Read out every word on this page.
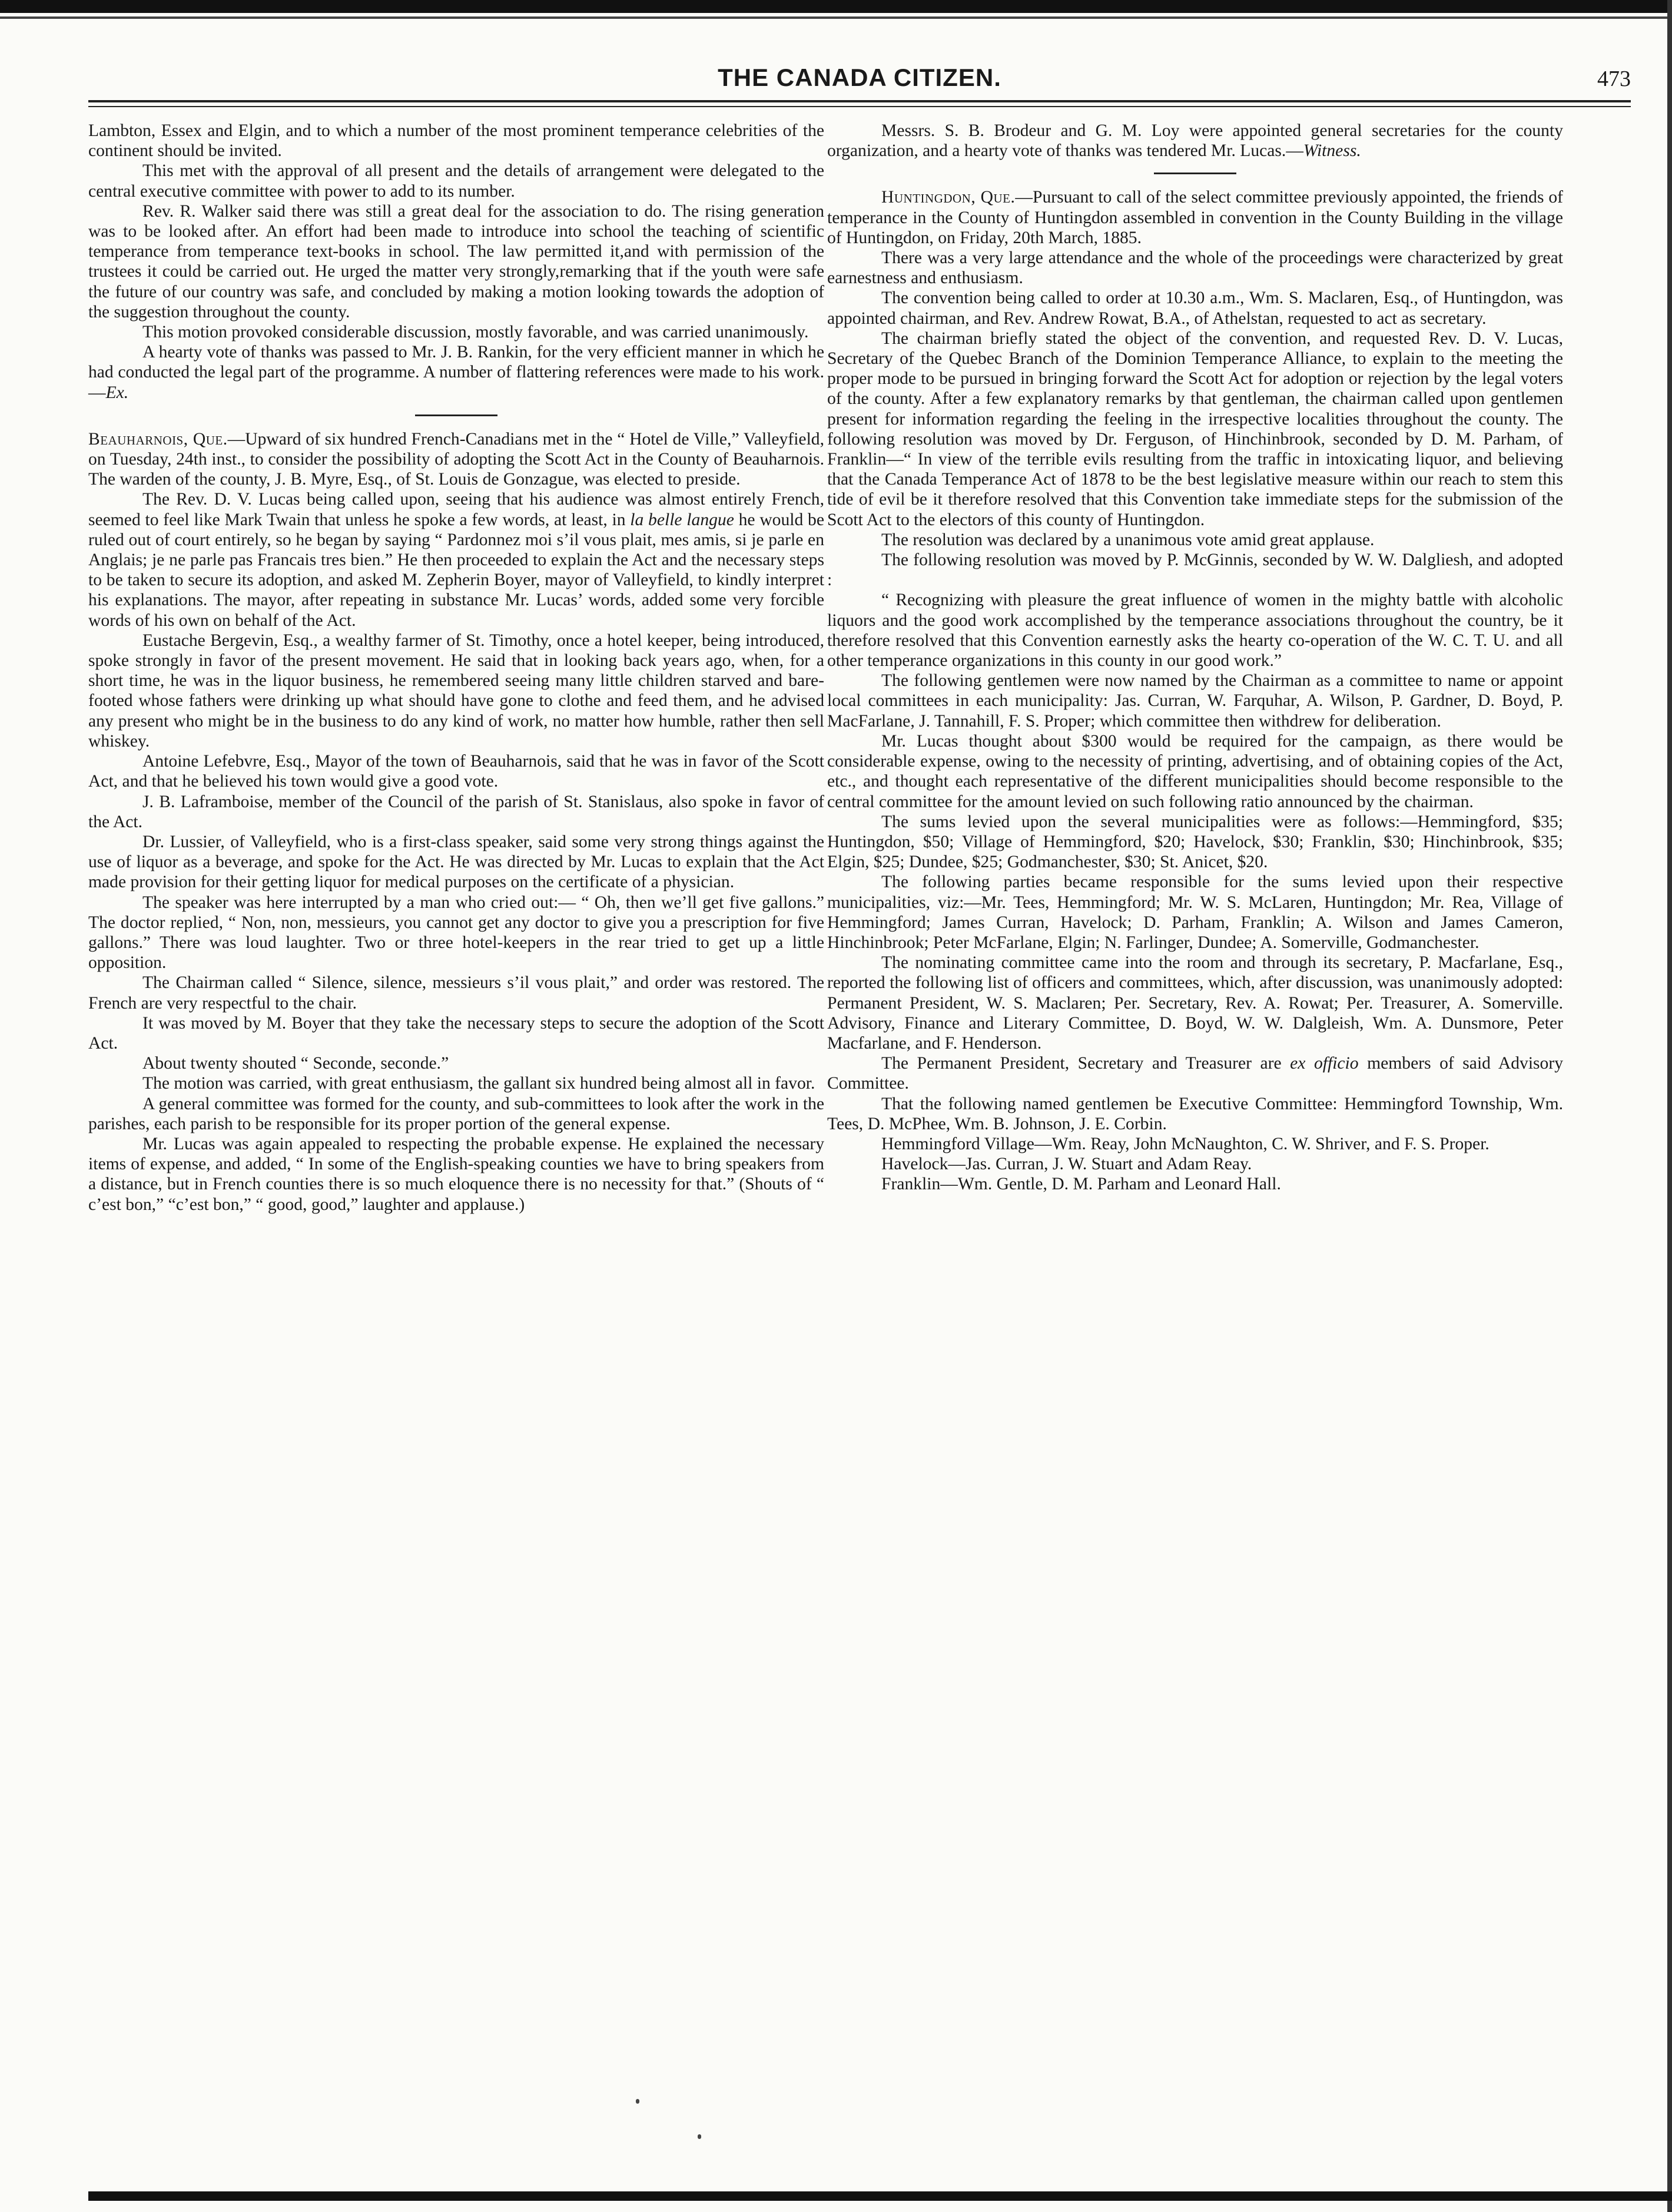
THE CANADA CITIZEN.	473

Lambton, Essex and Elgin, and to which a number of the most prominent temperance celebrities of the continent should be invited.

This met with the approval of all present and the details of arrangement were delegated to the central executive committee with power to add to its number.

Rev. R. Walker said there was still a great deal for the association to do. The rising generation was to be looked after. An effort had been made to introduce into school the teaching of scientific temperance from temperance text-books in school. The law permitted it,and with permission of the trustees it could be carried out. He urged the matter very strongly,remarking that if the youth were safe the future of our country was safe, and concluded by making a motion looking towards the adoption of the suggestion throughout the county.

This motion provoked considerable discussion, mostly favorable, and was carried unanimously.

A hearty vote of thanks was passed to Mr. J. B. Rankin, for the very efficient manner in which he had conducted the legal part of the programme. A number of flattering references were made to his work.—Ex.

Beauharnois, Que.—Upward of six hundred French-Canadians met in the “ Hotel de Ville,” Valleyfield, on Tuesday, 24th inst., to consider the possibility of adopting the Scott Act in the County of Beauharnois. The warden of the county, J. B. Myre, Esq., of St. Louis de Gonzague, was elected to preside.

The Rev. D. V. Lucas being called upon, seeing that his audience was almost entirely French, seemed to feel like Mark Twain that unless he spoke a few words, at least, in la belle langue he would be ruled out of court entirely, so he began by saying “ Pardonnez moi s’il vous plait, mes amis, si je parle en Anglais; je ne parle pas Francais tres bien.” He then proceeded to explain the Act and the necessary steps to be taken to secure its adoption, and asked M. Zepherin Boyer, mayor of Valleyfield, to kindly interpret his explanations. The mayor, after repeating in substance Mr. Lucas’ words, added some very forcible words of his own on behalf of the Act.

Eustache Bergevin, Esq., a wealthy farmer of St. Timothy, once a hotel keeper, being introduced, spoke strongly in favor of the present movement. He said that in looking back years ago, when, for a short time, he was in the liquor business, he remembered seeing many little children starved and bare-footed whose fathers were drinking up what should have gone to clothe and feed them, and he advised any present who might be in the business to do any kind of work, no matter how humble, rather then sell whiskey.

Antoine Lefebvre, Esq., Mayor of the town of Beauharnois, said that he was in favor of the Scott Act, and that he believed his town would give a good vote.

J. B. Laframboise, member of the Council of the parish of St. Stanislaus, also spoke in favor of the Act.

Dr. Lussier, of Valleyfield, who is a first-class speaker, said some very strong things against the use of liquor as a beverage, and spoke for the Act. He was directed by Mr. Lucas to explain that the Act made provision for their getting liquor for medical purposes on the certificate of a physician.

The speaker was here interrupted by a man who cried out:— “ Oh, then we’ll get five gallons.” The doctor replied, “ Non, non, messieurs, you cannot get any doctor to give you a prescription for five gallons.” There was loud laughter. Two or three hotel-keepers in the rear tried to get up a little opposition.

The Chairman called “ Silence, silence, messieurs s’il vous plait,” and order was restored. The French are very respectful to the chair.

It was moved by M. Boyer that they take the necessary steps to secure the adoption of the Scott Act.

About twenty shouted “ Seconde, seconde.”

The motion was carried, with great enthusiasm, the gallant six hundred being almost all in favor.

A general committee was formed for the county, and sub-committees to look after the work in the parishes, each parish to be responsible for its proper portion of the general expense.

Mr. Lucas was again appealed to respecting the probable expense. He explained the necessary items of expense, and added, “ In some of the English-speaking counties we have to bring speakers from a distance, but in French counties there is so much eloquence there is no necessity for that.” (Shouts of “ c’est bon,” “c’est bon,” “ good, good,” laughter and applause.)

Messrs. S. B. Brodeur and G. M. Loy were appointed general secretaries for the county organization, and a hearty vote of thanks was tendered Mr. Lucas.—Witness.

Huntingdon, Que.—Pursuant to call of the select committee previously appointed, the friends of temperance in the County of Huntingdon assembled in convention in the County Building in the village of Huntingdon, on Friday, 20th March, 1885.

There was a very large attendance and the whole of the proceedings were characterized by great earnestness and enthusiasm.

The convention being called to order at 10.30 a.m., Wm. S. Maclaren, Esq., of Huntingdon, was appointed chairman, and Rev. Andrew Rowat, B.A., of Athelstan, requested to act as secretary.

The chairman briefly stated the object of the convention, and requested Rev. D. V. Lucas, Secretary of the Quebec Branch of the Dominion Temperance Alliance, to explain to the meeting the proper mode to be pursued in bringing forward the Scott Act for adoption or rejection by the legal voters of the county. After a few explanatory remarks by that gentleman, the chairman called upon gentlemen present for information regarding the feeling in the irrespective localities throughout the county. The following resolution was moved by Dr. Ferguson, of Hinchinbrook, seconded by D. M. Parham, of Franklin—“ In view of the terrible evils resulting from the traffic in intoxicating liquor, and believing that the Canada Temperance Act of 1878 to be the best legislative measure within our reach to stem this tide of evil be it therefore resolved that this Convention take immediate steps for the submission of the Scott Act to the electors of this county of Huntingdon.

The resolution was declared by a unanimous vote amid great applause.

The following resolution was moved by P. McGinnis, seconded by W. W. Dalgliesh, and adopted :

“ Recognizing with pleasure the great influence of women in the mighty battle with alcoholic liquors and the good work accomplished by the temperance associations throughout the country, be it therefore resolved that this Convention earnestly asks the hearty co-operation of the W. C. T. U. and all other temperance organizations in this county in our good work.”

The following gentlemen were now named by the Chairman as a committee to name or appoint local committees in each municipality: Jas. Curran, W. Farquhar, A. Wilson, P. Gardner, D. Boyd, P. MacFarlane, J. Tannahill, F. S. Proper; which committee then withdrew for deliberation.

Mr. Lucas thought about $300 would be required for the campaign, as there would be considerable expense, owing to the necessity of printing, advertising, and of obtaining copies of the Act, etc., and thought each representative of the different municipalities should become responsible to the central committee for the amount levied on such following ratio announced by the chairman.

The sums levied upon the several municipalities were as follows:—Hemmingford, $35; Huntingdon, $50; Village of Hemmingford, $20; Havelock, $30; Franklin, $30; Hinchinbrook, $35; Elgin, $25; Dundee, $25; Godmanchester, $30; St. Anicet, $20.

The following parties became responsible for the sums levied upon their respective municipalities, viz:—Mr. Tees, Hemmingford; Mr. W. S. McLaren, Huntingdon; Mr. Rea, Village of Hemmingford; James Curran, Havelock; D. Parham, Franklin; A. Wilson and James Cameron, Hinchinbrook; Peter McFarlane, Elgin; N. Farlinger, Dundee; A. Somerville, Godmanchester.

The nominating committee came into the room and through its secretary, P. Macfarlane, Esq., reported the following list of officers and committees, which, after discussion, was unanimously adopted: Permanent President, W. S. Maclaren; Per. Secretary, Rev. A. Rowat; Per. Treasurer, A. Somerville. Advisory, Finance and Literary Committee, D. Boyd, W. W. Dalgleish, Wm. A. Dunsmore, Peter Macfarlane, and F. Henderson.

The Permanent President, Secretary and Treasurer are ex officio members of said Advisory Committee.

That the following named gentlemen be Executive Committee: Hemmingford Township, Wm. Tees, D. McPhee, Wm. B. Johnson, J. E. Corbin.

Hemmingford Village—Wm. Reay, John McNaughton, C. W. Shriver, and F. S. Proper.

Havelock—Jas. Curran, J. W. Stuart and Adam Reay.

Franklin—Wm. Gentle, D. M. Parham and Leonard Hall.
